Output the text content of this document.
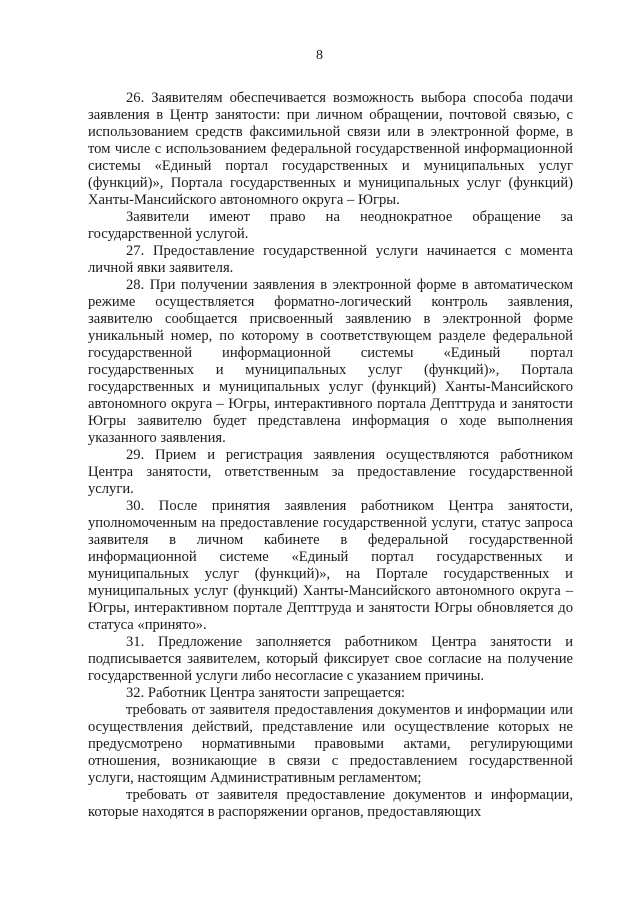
8

26. Заявителям обеспечивается возможность выбора способа подачи заявления в Центр занятости: при личном обращении, почтовой связью, с использованием средств факсимильной связи или в электронной форме, в том числе с использованием федеральной государственной информационной системы «Единый портал государственных и муниципальных услуг (функций)», Портала государственных и муниципальных услуг (функций) Ханты-Мансийского автономного округа – Югры.

Заявители имеют право на неоднократное обращение за государственной услугой.

27. Предоставление государственной услуги начинается с момента личной явки заявителя.

28. При получении заявления в электронной форме в автоматическом режиме осуществляется форматно-логический контроль заявления, заявителю сообщается присвоенный заявлению в электронной форме уникальный номер, по которому в соответствующем разделе федеральной государственной информационной системы «Единый портал государственных и муниципальных услуг (функций)», Портала государственных и муниципальных услуг (функций) Ханты-Мансийского автономного округа – Югры, интерактивного портала Депттруда и занятости Югры заявителю будет представлена информация о ходе выполнения указанного заявления.

29. Прием и регистрация заявления осуществляются работником Центра занятости, ответственным за предоставление государственной услуги.

30. После принятия заявления работником Центра занятости, уполномоченным на предоставление государственной услуги, статус запроса заявителя в личном кабинете в федеральной государственной информационной системе «Единый портал государственных и муниципальных услуг (функций)», на Портале государственных и муниципальных услуг (функций) Ханты-Мансийского автономного округа – Югры, интерактивном портале Депттруда и занятости Югры обновляется до статуса «принято».

31. Предложение заполняется работником Центра занятости и подписывается заявителем, который фиксирует свое согласие на получение государственной услуги либо несогласие с указанием причины.

32. Работник Центра занятости запрещается:

требовать от заявителя предоставления документов и информации или осуществления действий, представление или осуществление которых не предусмотрено нормативными правовыми актами, регулирующими отношения, возникающие в связи с предоставлением государственной услуги, настоящим Административным регламентом;

требовать от заявителя предоставление документов и информации, которые находятся в распоряжении органов, предоставляющих
